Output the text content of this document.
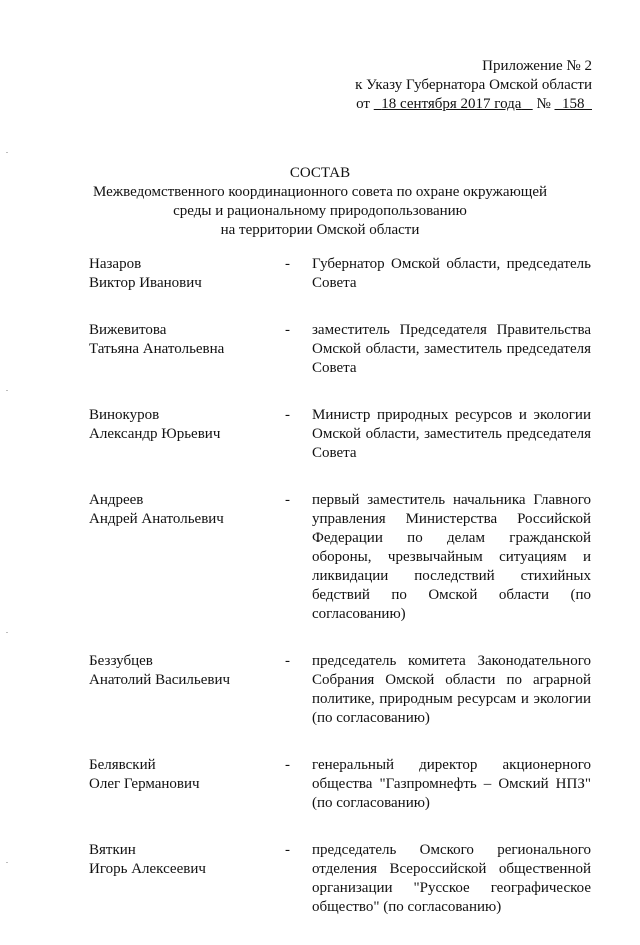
Приложение № 2
к Указу Губернатора Омской области
от 18 сентября 2017 года № 158
СОСТАВ
Межведомственного координационного совета по охране окружающей
среды и рациональному природопользованию
на территории Омской области
Назаров
Виктор Иванович
-	Губернатор Омской области, председатель Совета
Вижевитова
Татьяна Анатольевна
-	заместитель Председателя Правительства Омской области, заместитель председателя Совета
Винокуров
Александр Юрьевич
-	Министр природных ресурсов и экологии Омской области, заместитель председателя Совета
Андреев
Андрей Анатольевич
-	первый заместитель начальника Главного управления Министерства Российской Федерации по делам гражданской обороны, чрезвычайным ситуациям и ликвидации последствий стихийных бедствий по Омской области (по согласованию)
Беззубцев
Анатолий Васильевич
-	председатель комитета Законодательного Собрания Омской области по аграрной политике, природным ресурсам и экологии (по согласованию)
Белявский
Олег Германович
-	генеральный директор акционерного общества "Газпромнефть – Омский НПЗ" (по согласованию)
Вяткин
Игорь Алексеевич
-	председатель Омского регионального отделения Всероссийской общественной организации "Русское географическое общество" (по согласованию)
